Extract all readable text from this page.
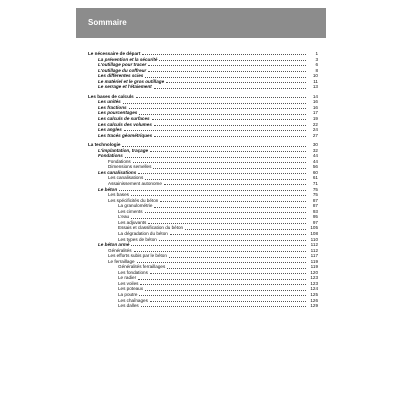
Sommaire
Le nécessaire de départ	1
La prévention et la sécurité	3
L'outillage pour tracer	6
L'outillage du coffreur	8
Les différentes scies	10
Le matériel et le gros outillage	11
Le serrage et l'étaiement	13
Les bases de calculs	14
Les unités	16
Les fractions	16
Les pourcentages	17
Les calculs de surfaces	19
Les calculs des volumes	22
Les angles	24
Les tracés géométriques	27
La technologie	30
L'implantation, traçage	32
Fondations	44
Fondations	44
Dimensions semelles	56
Les canalisations	60
Les canalisations	61
Assainissement autonome	71
Le béton	75
Les bases	75
Les spécificités du béton	87
La granulométrie	87
Les ciments	93
L'eau	95
Les adjuvants	97
Essais et classification du béton	105
La dégradation du béton	108
Les types de béton	110
Le béton armé	112
Généralités	112
Les efforts subis par le béton	117
Le ferraillage	119
Généralités ferraillages	119
Les fondations	120
Le radier	123
Les voiles	123
Les poteaux	124
La poutre	125
Les chaînages	126
Les dalles	129
